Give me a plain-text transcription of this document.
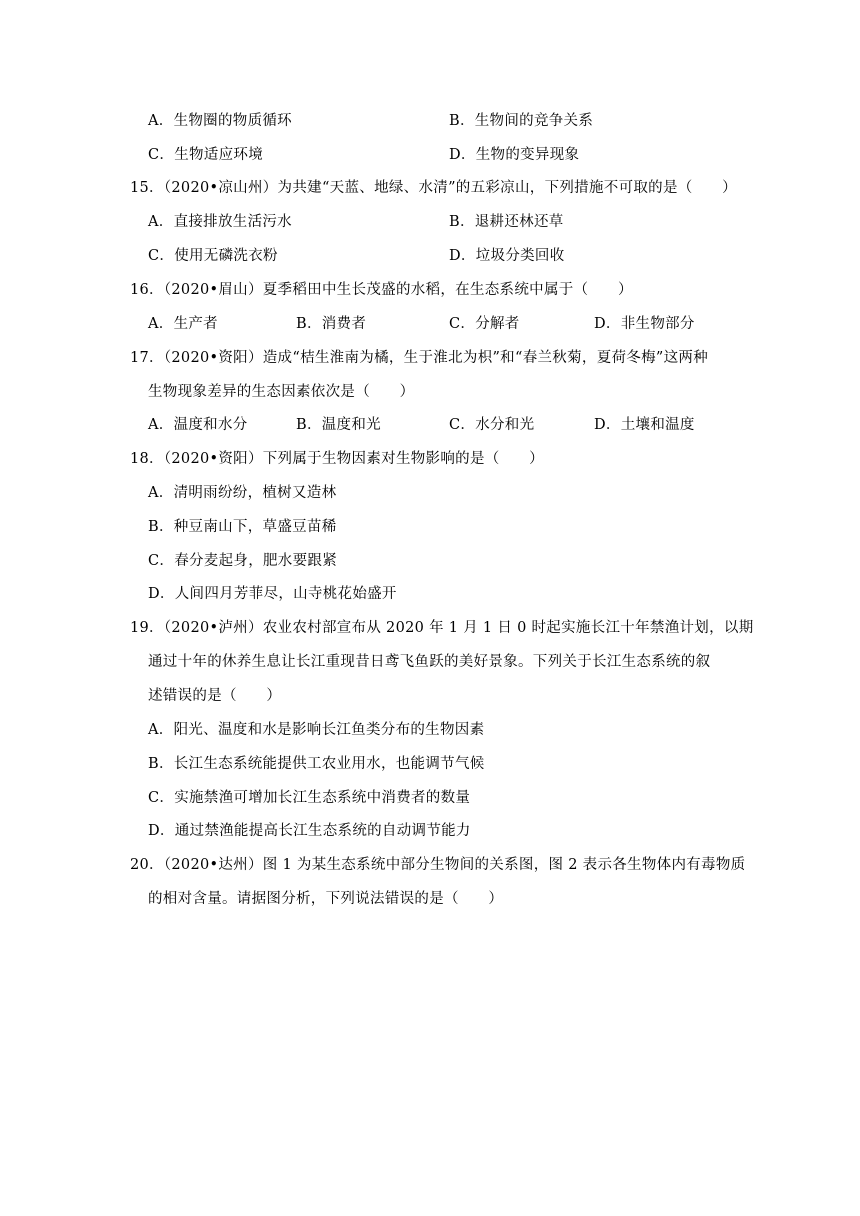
A．生物圈的物质循环	B．生物间的竞争关系
C．生物适应环境	D．生物的变异现象
15．（2020•凉山州）为共建“天蓝、地绿、水清”的五彩凉山，下列措施不可取的是（　　）
A．直接排放生活污水	B．退耕还林还草
C．使用无磷洗衣粉	D．垃圾分类回收
16．（2020•眉山）夏季稻田中生长茂盛的水稻，在生态系统中属于（　　）
A．生产者	B．消费者	C．分解者	D．非生物部分
17．（2020•资阳）造成“桔生淮南为橘，生于淮北为枳”和“春兰秋菊，夏荷冬梅”这两种
生物现象差异的生态因素依次是（　　）
A．温度和水分	B．温度和光	C．水分和光	D．土壤和温度
18．（2020•资阳）下列属于生物因素对生物影响的是（　　）
A．清明雨纷纷，植树又造林
B．种豆南山下，草盛豆苗稀
C．春分麦起身，肥水要跟紧
D．人间四月芳菲尽，山寺桃花始盛开
19．（2020•泸州）农业农村部宣布从 2020 年 1 月 1 日 0 时起实施长江十年禁渔计划，以期
通过十年的休养生息让长江重现昔日鸢飞鱼跃的美好景象。下列关于长江生态系统的叙
述错误的是（　　）
A．阳光、温度和水是影响长江鱼类分布的生物因素
B．长江生态系统能提供工农业用水，也能调节气候
C．实施禁渔可增加长江生态系统中消费者的数量
D．通过禁渔能提高长江生态系统的自动调节能力
20．（2020•达州）图 1 为某生态系统中部分生物间的关系图，图 2 表示各生物体内有毒物质
的相对含量。请据图分析，下列说法错误的是（　　）
